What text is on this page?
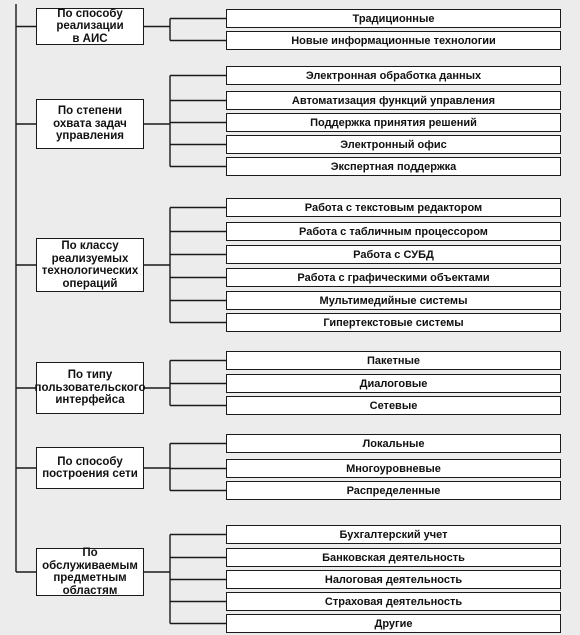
По способу
реализации
в АИС
Традиционные
Новые информационные технологии
По степени
охвата задач
управления
Электронная обработка данных
Автоматизация функций управления
Поддержка принятия решений
Электронный офис
Экспертная поддержка
По классу
реализуемых
технологических
операций
Работа с текстовым редактором
Работа с табличным процессором
Работа с СУБД
Работа с графическими объектами
Мультимедийные системы
Гипертекстовые системы
По типу
пользовательского
интерфейса
Пакетные
Диалоговые
Сетевые
По способу
построения сети
Локальные
Многоуровневые
Распределенные
По обслуживаемым
предметным
областям
Бухгалтерский учет
Банковская деятельность
Налоговая деятельность
Страховая деятельность
Другие
